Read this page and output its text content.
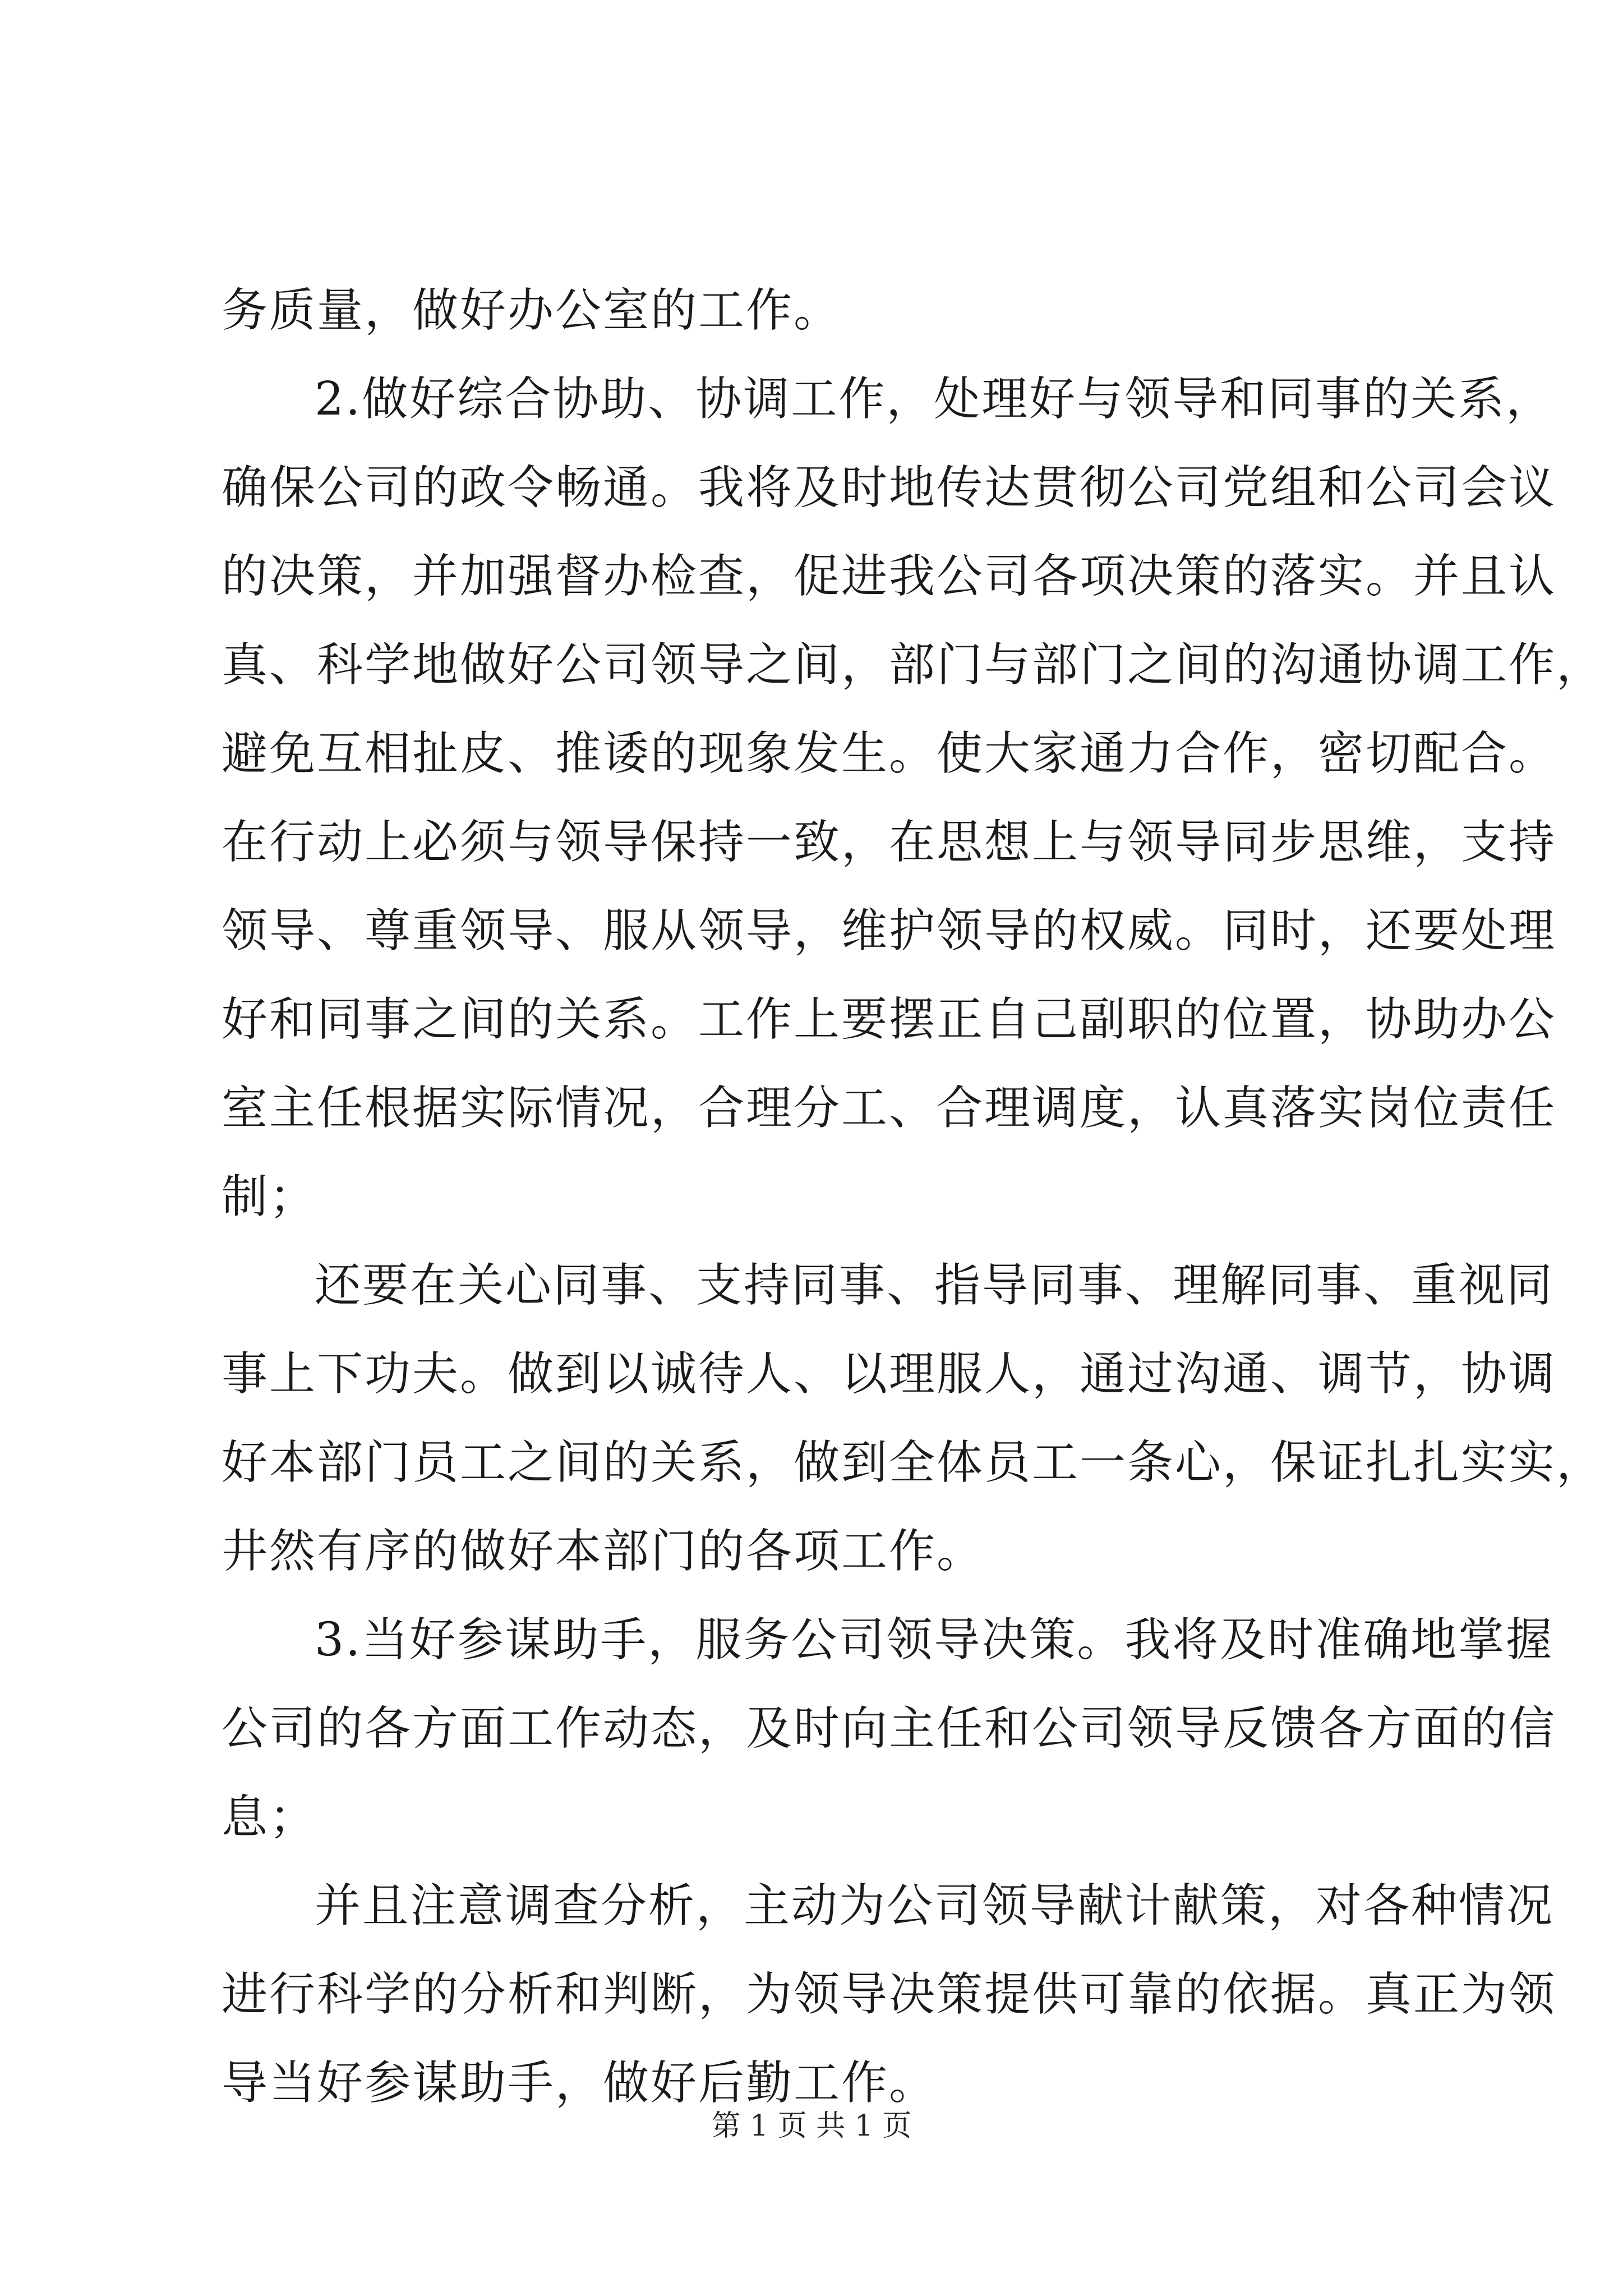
务质量，做好办公室的工作。
2.做好综合协助、协调工作，处理好与领导和同事的关系，
确保公司的政令畅通。我将及时地传达贯彻公司党组和公司会议
的决策，并加强督办检查，促进我公司各项决策的落实。并且认
真、科学地做好公司领导之间，部门与部门之间的沟通协调工作，
避免互相扯皮、推诿的现象发生。使大家通力合作，密切配合。
在行动上必须与领导保持一致，在思想上与领导同步思维，支持
领导、尊重领导、服从领导，维护领导的权威。同时，还要处理
好和同事之间的关系。工作上要摆正自己副职的位置，协助办公
室主任根据实际情况，合理分工、合理调度，认真落实岗位责任
制；
还要在关心同事、支持同事、指导同事、理解同事、重视同
事上下功夫。做到以诚待人、以理服人，通过沟通、调节，协调
好本部门员工之间的关系，做到全体员工一条心，保证扎扎实实，
井然有序的做好本部门的各项工作。
3.当好参谋助手，服务公司领导决策。我将及时准确地掌握
公司的各方面工作动态，及时向主任和公司领导反馈各方面的信
息；
并且注意调查分析，主动为公司领导献计献策，对各种情况
进行科学的分析和判断，为领导决策提供可靠的依据。真正为领
导当好参谋助手，做好后勤工作。
第 1 页 共 1 页
